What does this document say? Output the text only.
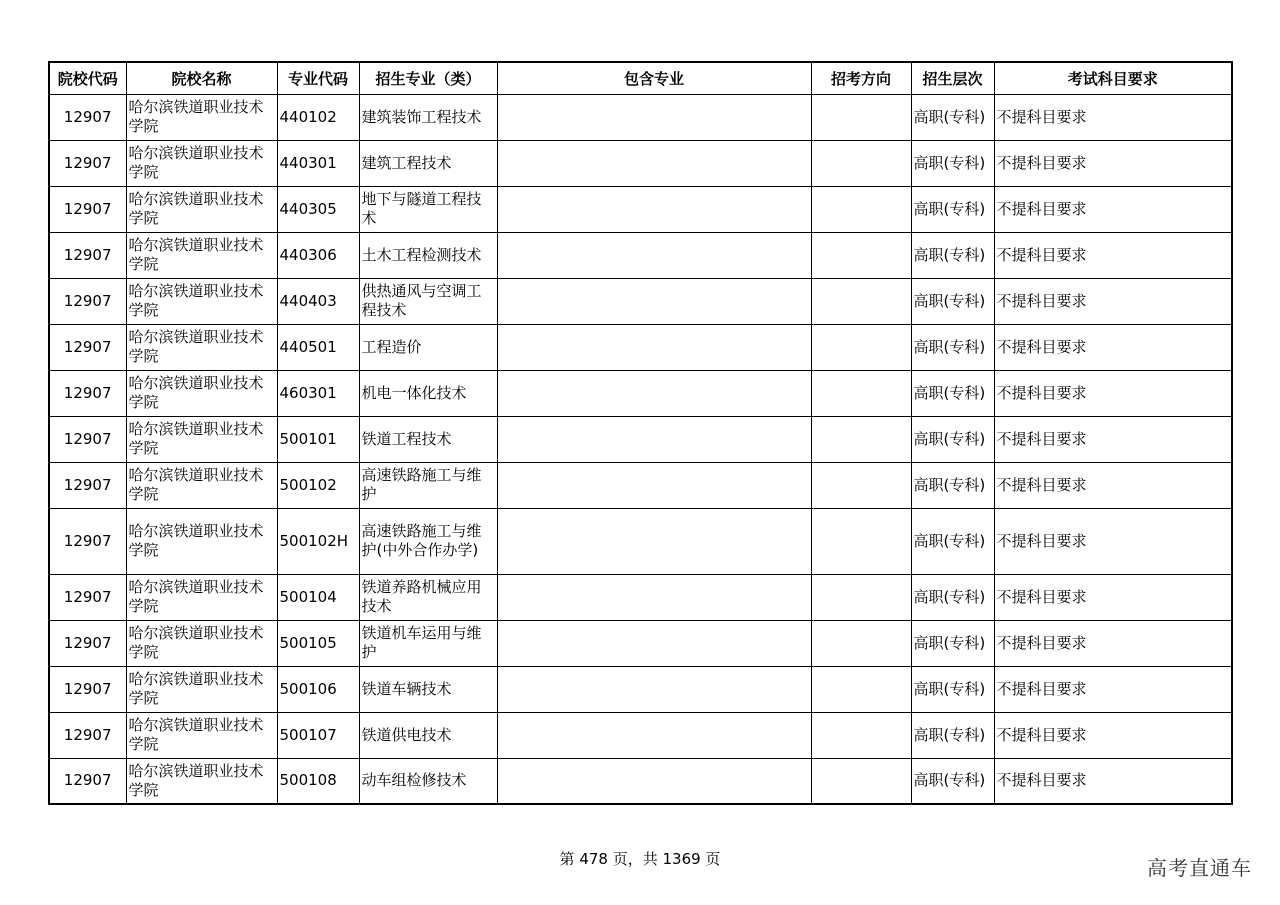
院校代码	院校名称	专业代码	招生专业（类）	包含专业	招考方向	招生层次	考试科目要求
12907	哈尔滨铁道职业技术学院	440102	建筑装饰工程技术			高职(专科)	不提科目要求
12907	哈尔滨铁道职业技术学院	440301	建筑工程技术			高职(专科)	不提科目要求
12907	哈尔滨铁道职业技术学院	440305	地下与隧道工程技术			高职(专科)	不提科目要求
12907	哈尔滨铁道职业技术学院	440306	土木工程检测技术			高职(专科)	不提科目要求
12907	哈尔滨铁道职业技术学院	440403	供热通风与空调工程技术			高职(专科)	不提科目要求
12907	哈尔滨铁道职业技术学院	440501	工程造价			高职(专科)	不提科目要求
12907	哈尔滨铁道职业技术学院	460301	机电一体化技术			高职(专科)	不提科目要求
12907	哈尔滨铁道职业技术学院	500101	铁道工程技术			高职(专科)	不提科目要求
12907	哈尔滨铁道职业技术学院	500102	高速铁路施工与维护			高职(专科)	不提科目要求
12907	哈尔滨铁道职业技术学院	500102H	高速铁路施工与维护(中外合作办学)			高职(专科)	不提科目要求
12907	哈尔滨铁道职业技术学院	500104	铁道养路机械应用技术			高职(专科)	不提科目要求
12907	哈尔滨铁道职业技术学院	500105	铁道机车运用与维护			高职(专科)	不提科目要求
12907	哈尔滨铁道职业技术学院	500106	铁道车辆技术			高职(专科)	不提科目要求
12907	哈尔滨铁道职业技术学院	500107	铁道供电技术			高职(专科)	不提科目要求
12907	哈尔滨铁道职业技术学院	500108	动车组检修技术			高职(专科)	不提科目要求
第 478 页，共 1369 页	高考直通车
